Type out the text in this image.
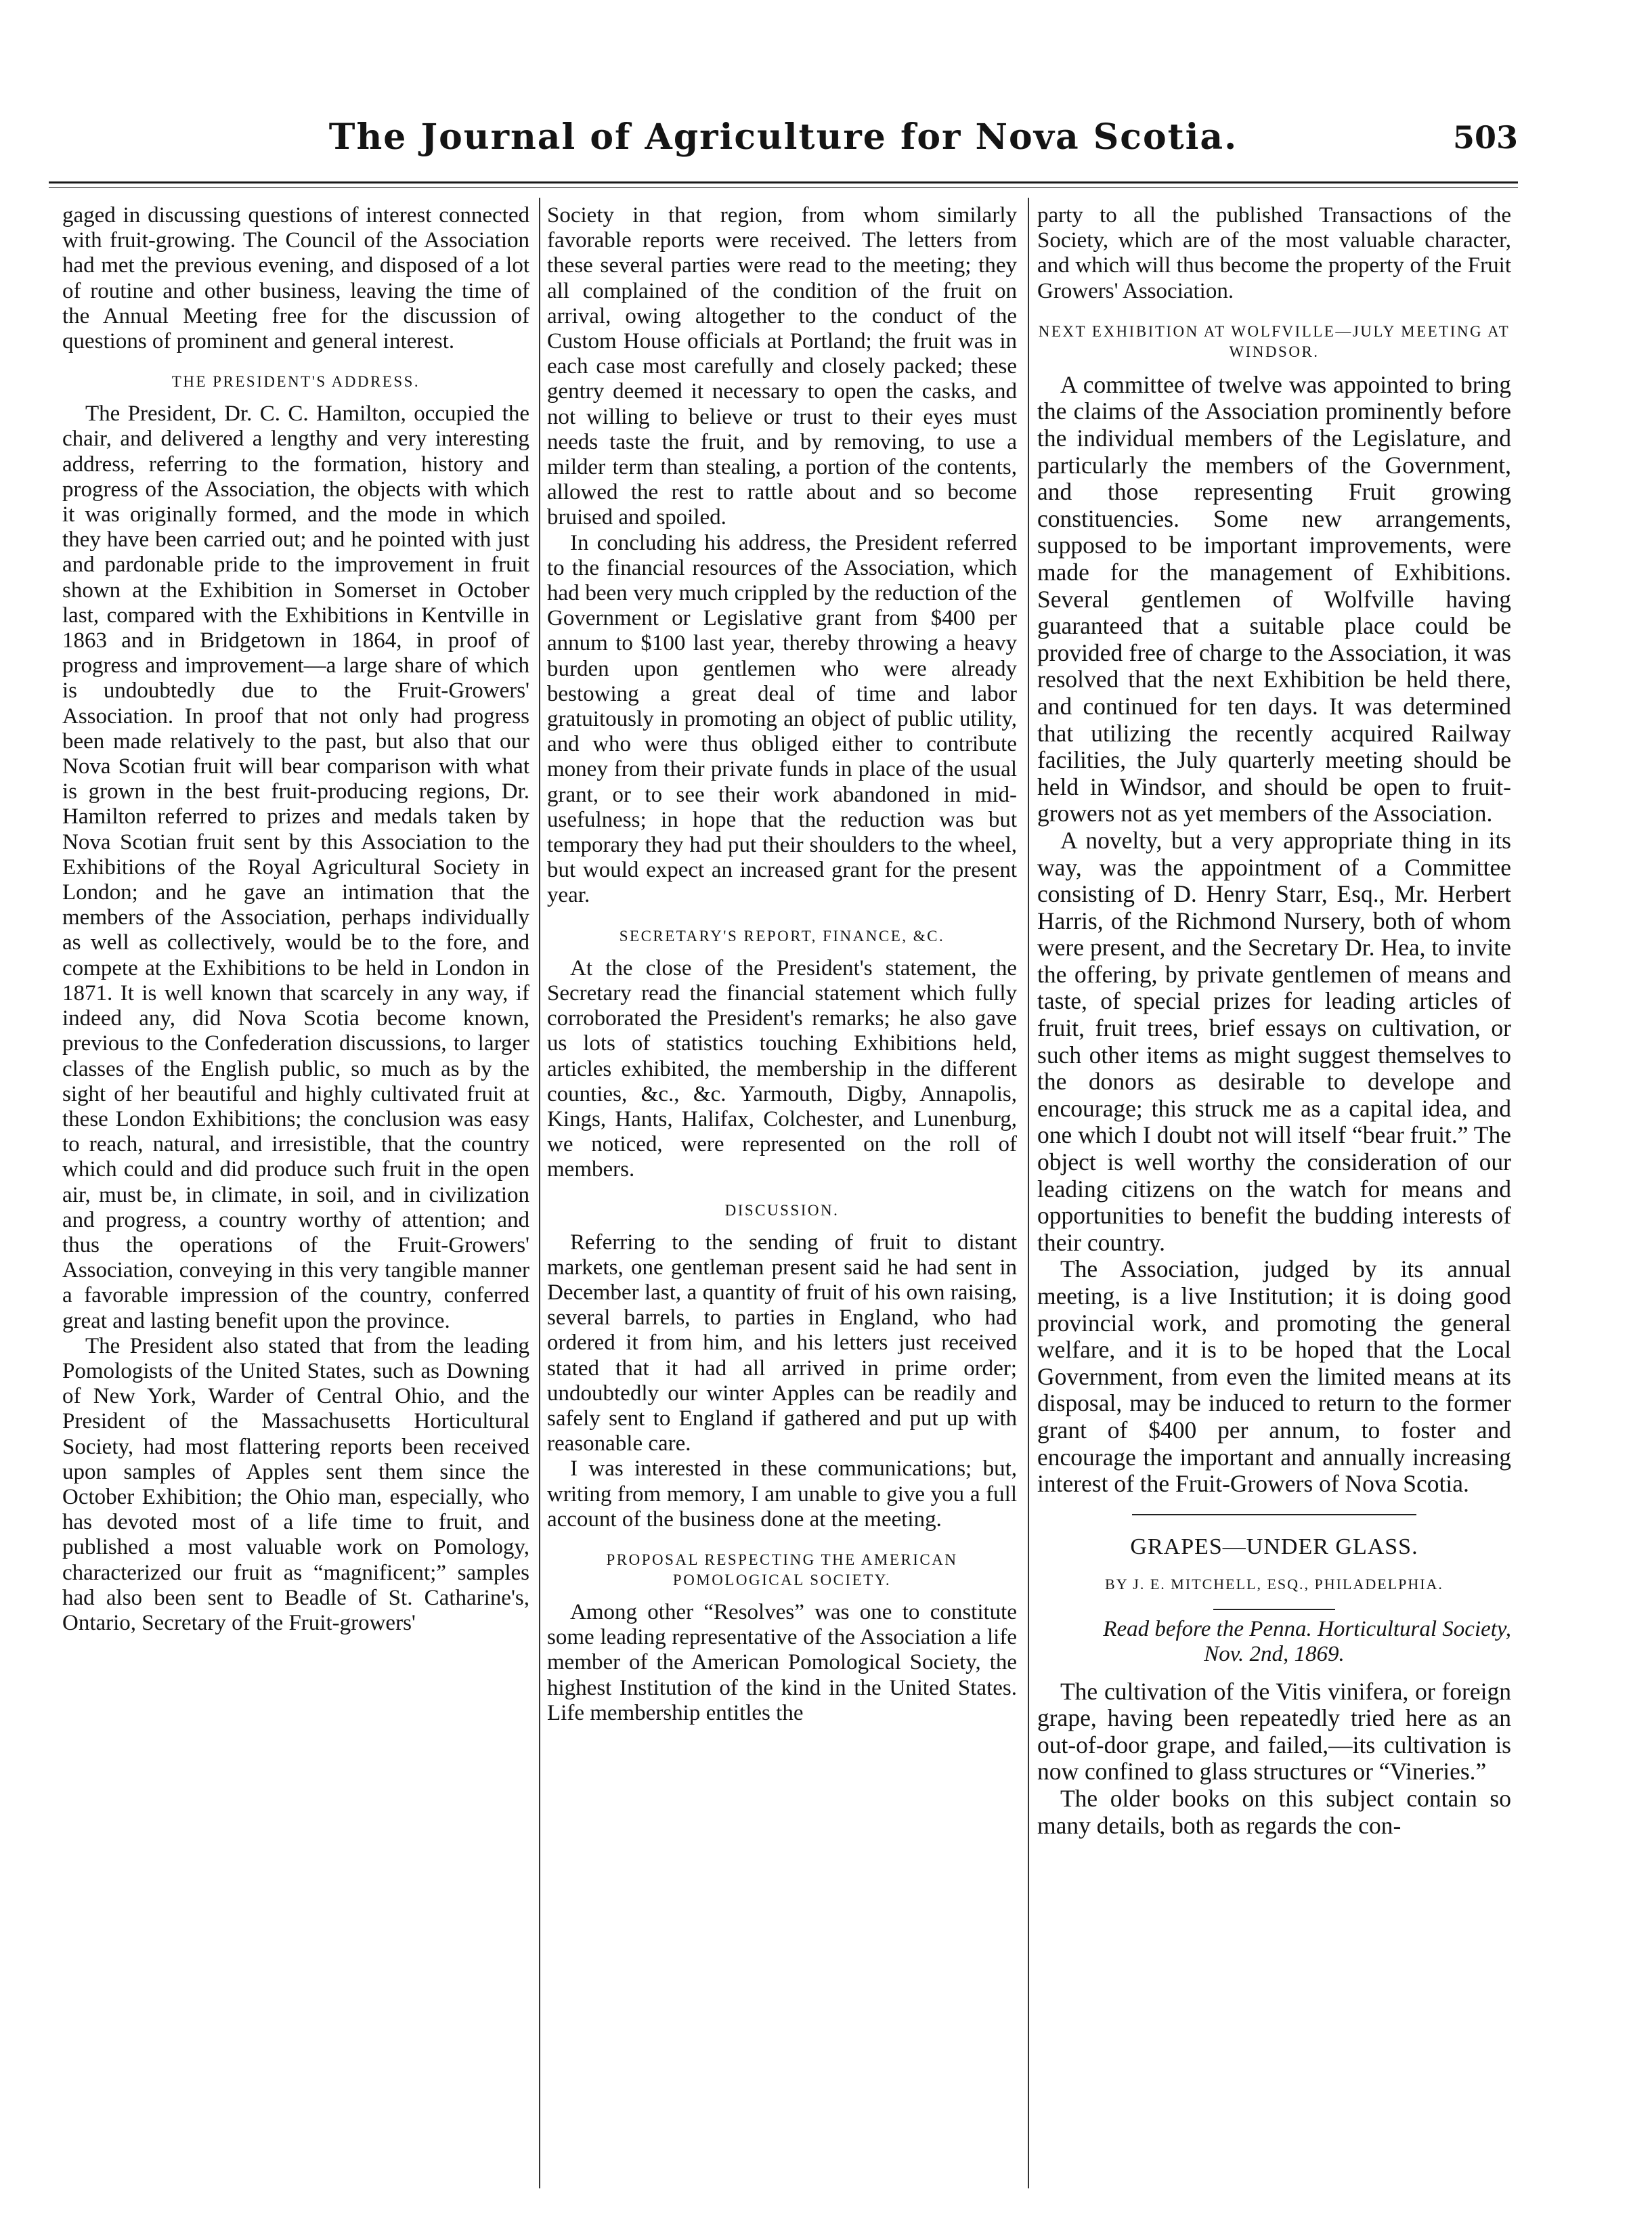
The Journal of Agriculture for Nova Scotia.	503

gaged in discussing questions of interest connected with fruit-growing. The Council of the Association had met the previous evening, and disposed of a lot of routine and other business, leaving the time of the Annual Meeting free for the discussion of questions of prominent and general interest.

THE PRESIDENT'S ADDRESS.

The President, Dr. C. C. Hamilton, occupied the chair, and delivered a lengthy and very interesting address, referring to the formation, history and progress of the Association, the objects with which it was originally formed, and the mode in which they have been carried out; and he pointed with just and pardonable pride to the improvement in fruit shown at the Exhibition in Somerset in October last, compared with the Exhibitions in Kentville in 1863 and in Bridgetown in 1864, in proof of progress and improvement—a large share of which is undoubtedly due to the Fruit-Growers' Association. In proof that not only had progress been made relatively to the past, but also that our Nova Scotian fruit will bear comparison with what is grown in the best fruit-producing regions, Dr. Hamilton referred to prizes and medals taken by Nova Scotian fruit sent by this Association to the Exhibitions of the Royal Agricultural Society in London; and he gave an intimation that the members of the Association, perhaps individually as well as collectively, would be to the fore, and compete at the Exhibitions to be held in London in 1871. It is well known that scarcely in any way, if indeed any, did Nova Scotia become known, previous to the Confederation discussions, to larger classes of the English public, so much as by the sight of her beautiful and highly cultivated fruit at these London Exhibitions; the conclusion was easy to reach, natural, and irresistible, that the country which could and did produce such fruit in the open air, must be, in climate, in soil, and in civilization and progress, a country worthy of attention; and thus the operations of the Fruit-Growers' Association, conveying in this very tangible manner a favorable impression of the country, conferred great and lasting benefit upon the province.

The President also stated that from the leading Pomologists of the United States, such as Downing of New York, Warder of Central Ohio, and the President of the Massachusetts Horticultural Society, had most flattering reports been received upon samples of Apples sent them since the October Exhibition; the Ohio man, especially, who has devoted most of a life time to fruit, and published a most valuable work on Pomology, characterized our fruit as “magnificent;” samples had also been sent to Beadle of St. Catharine's, Ontario, Secretary of the Fruit-growers'

Society in that region, from whom similarly favorable reports were received. The letters from these several parties were read to the meeting; they all complained of the condition of the fruit on arrival, owing altogether to the conduct of the Custom House officials at Portland; the fruit was in each case most carefully and closely packed; these gentry deemed it necessary to open the casks, and not willing to believe or trust to their eyes must needs taste the fruit, and by removing, to use a milder term than stealing, a portion of the contents, allowed the rest to rattle about and so become bruised and spoiled.

In concluding his address, the President referred to the financial resources of the Association, which had been very much crippled by the reduction of the Government or Legislative grant from $400 per annum to $100 last year, thereby throwing a heavy burden upon gentlemen who were already bestowing a great deal of time and labor gratuitously in promoting an object of public utility, and who were thus obliged either to contribute money from their private funds in place of the usual grant, or to see their work abandoned in mid-usefulness; in hope that the reduction was but temporary they had put their shoulders to the wheel, but would expect an increased grant for the present year.

SECRETARY'S REPORT, FINANCE, &C.

At the close of the President's statement, the Secretary read the financial statement which fully corroborated the President's remarks; he also gave us lots of statistics touching Exhibitions held, articles exhibited, the membership in the different counties, &c., &c. Yarmouth, Digby, Annapolis, Kings, Hants, Halifax, Colchester, and Lunenburg, we noticed, were represented on the roll of members.

DISCUSSION.

Referring to the sending of fruit to distant markets, one gentleman present said he had sent in December last, a quantity of fruit of his own raising, several barrels, to parties in England, who had ordered it from him, and his letters just received stated that it had all arrived in prime order; undoubtedly our winter Apples can be readily and safely sent to England if gathered and put up with reasonable care.

I was interested in these communications; but, writing from memory, I am unable to give you a full account of the business done at the meeting.

PROPOSAL RESPECTING THE AMERICAN POMOLOGICAL SOCIETY.

Among other “Resolves” was one to constitute some leading representative of the Association a life member of the American Pomological Society, the highest Institution of the kind in the United States. Life membership entitles the

party to all the published Transactions of the Society, which are of the most valuable character, and which will thus become the property of the Fruit Growers' Association.

NEXT EXHIBITION AT WOLFVILLE—JULY MEETING AT WINDSOR.

A committee of twelve was appointed to bring the claims of the Association prominently before the individual members of the Legislature, and particularly the members of the Government, and those representing Fruit growing constituencies. Some new arrangements, supposed to be important improvements, were made for the management of Exhibitions. Several gentlemen of Wolfville having guaranteed that a suitable place could be provided free of charge to the Association, it was resolved that the next Exhibition be held there, and continued for ten days. It was determined that utilizing the recently acquired Railway facilities, the July quarterly meeting should be held in Windsor, and should be open to fruit-growers not as yet members of the Association.

A novelty, but a very appropriate thing in its way, was the appointment of a Committee consisting of D. Henry Starr, Esq., Mr. Herbert Harris, of the Richmond Nursery, both of whom were present, and the Secretary Dr. Hea, to invite the offering, by private gentlemen of means and taste, of special prizes for leading articles of fruit, fruit trees, brief essays on cultivation, or such other items as might suggest themselves to the donors as desirable to develope and encourage; this struck me as a capital idea, and one which I doubt not will itself “bear fruit.” The object is well worthy the consideration of our leading citizens on the watch for means and opportunities to benefit the budding interests of their country.

The Association, judged by its annual meeting, is a live Institution; it is doing good provincial work, and promoting the general welfare, and it is to be hoped that the Local Government, from even the limited means at its disposal, may be induced to return to the former grant of $400 per annum, to foster and encourage the important and annually increasing interest of the Fruit-Growers of Nova Scotia.

GRAPES—UNDER GLASS.
BY J. E. MITCHELL, ESQ., PHILADELPHIA.

Read before the Penna. Horticultural Society,
Nov. 2nd, 1869.

The cultivation of the Vitis vinifera, or foreign grape, having been repeatedly tried here as an out-of-door grape, and failed,—its cultivation is now confined to glass structures or “Vineries.”

The older books on this subject contain so many details, both as regards the con-
